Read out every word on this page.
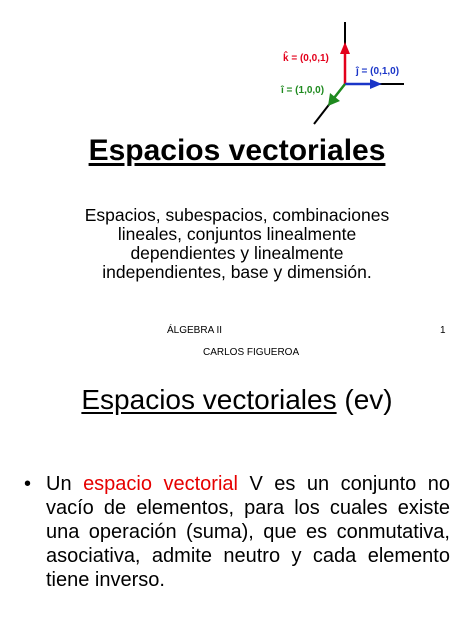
k̂ = (0,0,1)
ĵ = (0,1,0)
î = (1,0,0)
Espacios vectoriales
Espacios, subespacios, combinaciones
lineales, conjuntos linealmente
dependientes y linealmente
independientes, base y dimensión.
ÁLGEBRA II	1
CARLOS FIGUEROA
Espacios vectoriales (ev)
• Un espacio vectorial V es un conjunto no vacío de elementos, para los cuales existe una operación (suma), que es conmutativa, asociativa, admite neutro y cada elemento tiene inverso.
